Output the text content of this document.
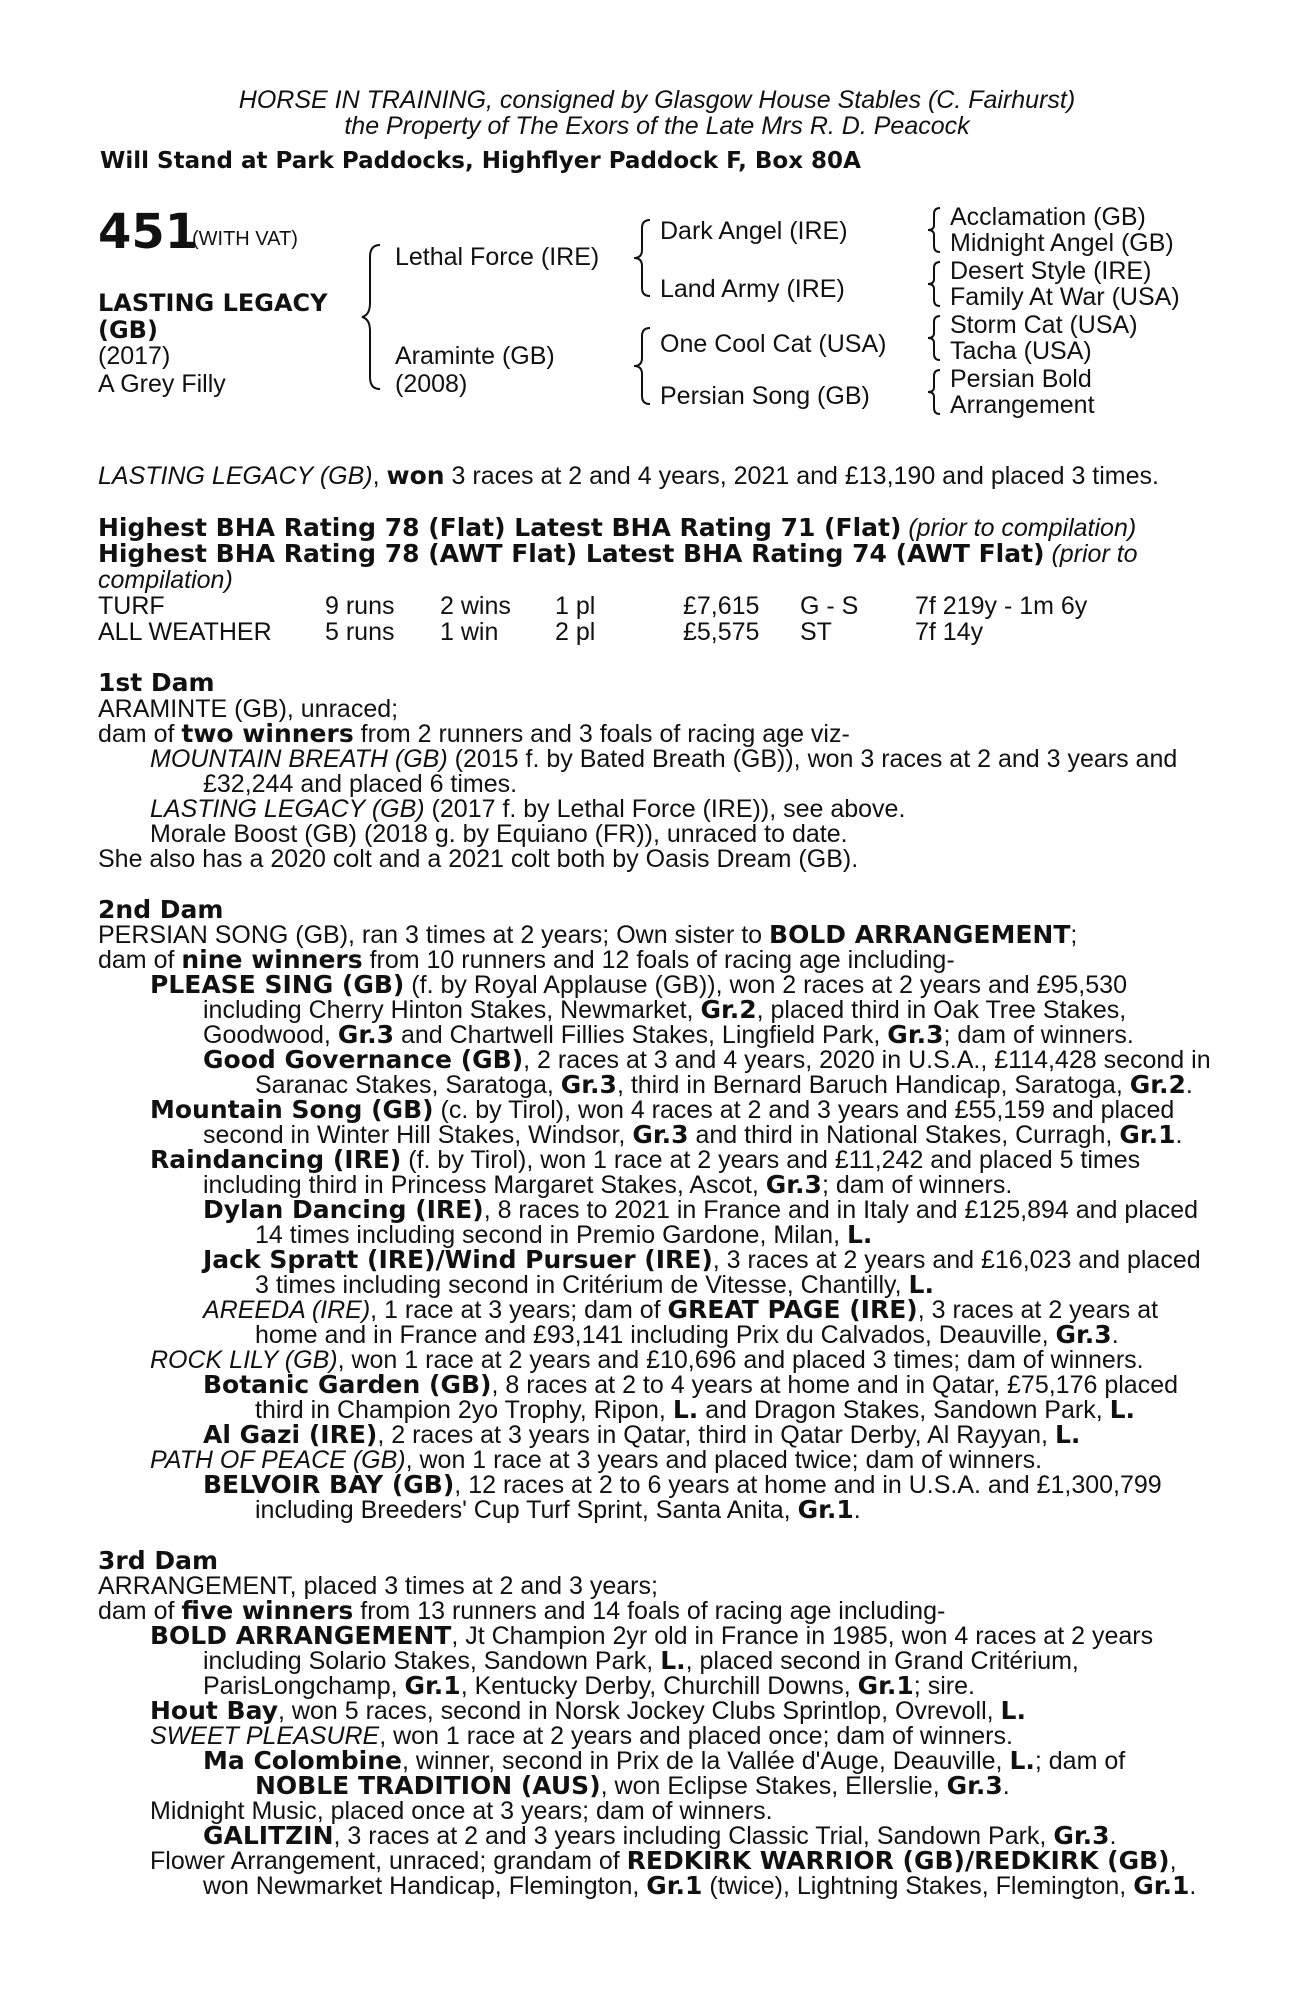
HORSE IN TRAINING, consigned by Glasgow House Stables (C. Fairhurst)
the Property of The Exors of the Late Mrs R. D. Peacock
Will Stand at Park Paddocks, Highflyer Paddock F, Box 80A
451
(WITH VAT)
LASTING LEGACY
(GB)
(2017)
A Grey Filly
Lethal Force (IRE)
Araminte (GB)
(2008)
Dark Angel (IRE)
Land Army (IRE)
One Cool Cat (USA)
Persian Song (GB)
Acclamation (GB)
Midnight Angel (GB)
Desert Style (IRE)
Family At War (USA)
Storm Cat (USA)
Tacha (USA)
Persian Bold
Arrangement
LASTING LEGACY (GB), won 3 races at 2 and 4 years, 2021 and £13,190 and placed 3 times.
Highest BHA Rating 78 (Flat) Latest BHA Rating 71 (Flat) (prior to compilation)
Highest BHA Rating 78 (AWT Flat) Latest BHA Rating 74 (AWT Flat) (prior to
compilation)
TURF	9 runs 2 wins 1 pl	£7,615 G - S 7f 219y - 1m 6y
ALL WEATHER 5 runs 1 win 2 pl	£5,575 ST	7f 14y
1st Dam
ARAMINTE (GB), unraced;
dam of two winners from 2 runners and 3 foals of racing age viz-
MOUNTAIN BREATH (GB) (2015 f. by Bated Breath (GB)), won 3 races at 2 and 3 years and
£32,244 and placed 6 times.
LASTING LEGACY (GB) (2017 f. by Lethal Force (IRE)), see above.
Morale Boost (GB) (2018 g. by Equiano (FR)), unraced to date.
She also has a 2020 colt and a 2021 colt both by Oasis Dream (GB).
2nd Dam
PERSIAN SONG (GB), ran 3 times at 2 years; Own sister to BOLD ARRANGEMENT;
dam of nine winners from 10 runners and 12 foals of racing age including-
PLEASE SING (GB) (f. by Royal Applause (GB)), won 2 races at 2 years and £95,530
including Cherry Hinton Stakes, Newmarket, Gr.2, placed third in Oak Tree Stakes,
Goodwood, Gr.3 and Chartwell Fillies Stakes, Lingfield Park, Gr.3; dam of winners.
Good Governance (GB), 2 races at 3 and 4 years, 2020 in U.S.A., £114,428 second in
Saranac Stakes, Saratoga, Gr.3, third in Bernard Baruch Handicap, Saratoga, Gr.2.
Mountain Song (GB) (c. by Tirol), won 4 races at 2 and 3 years and £55,159 and placed
second in Winter Hill Stakes, Windsor, Gr.3 and third in National Stakes, Curragh, Gr.1.
Raindancing (IRE) (f. by Tirol), won 1 race at 2 years and £11,242 and placed 5 times
including third in Princess Margaret Stakes, Ascot, Gr.3; dam of winners.
Dylan Dancing (IRE), 8 races to 2021 in France and in Italy and £125,894 and placed
14 times including second in Premio Gardone, Milan, L.
Jack Spratt (IRE)/Wind Pursuer (IRE), 3 races at 2 years and £16,023 and placed
3 times including second in Critérium de Vitesse, Chantilly, L.
AREEDA (IRE), 1 race at 3 years; dam of GREAT PAGE (IRE), 3 races at 2 years at
home and in France and £93,141 including Prix du Calvados, Deauville, Gr.3.
ROCK LILY (GB), won 1 race at 2 years and £10,696 and placed 3 times; dam of winners.
Botanic Garden (GB), 8 races at 2 to 4 years at home and in Qatar, £75,176 placed
third in Champion 2yo Trophy, Ripon, L. and Dragon Stakes, Sandown Park, L.
Al Gazi (IRE), 2 races at 3 years in Qatar, third in Qatar Derby, Al Rayyan, L.
PATH OF PEACE (GB), won 1 race at 3 years and placed twice; dam of winners.
BELVOIR BAY (GB), 12 races at 2 to 6 years at home and in U.S.A. and £1,300,799
including Breeders' Cup Turf Sprint, Santa Anita, Gr.1.
3rd Dam
ARRANGEMENT, placed 3 times at 2 and 3 years;
dam of five winners from 13 runners and 14 foals of racing age including-
BOLD ARRANGEMENT, Jt Champion 2yr old in France in 1985, won 4 races at 2 years
including Solario Stakes, Sandown Park, L., placed second in Grand Critérium,
ParisLongchamp, Gr.1, Kentucky Derby, Churchill Downs, Gr.1; sire.
Hout Bay, won 5 races, second in Norsk Jockey Clubs Sprintlop, Ovrevoll, L.
SWEET PLEASURE, won 1 race at 2 years and placed once; dam of winners.
Ma Colombine, winner, second in Prix de la Vallée d'Auge, Deauville, L.; dam of
NOBLE TRADITION (AUS), won Eclipse Stakes, Ellerslie, Gr.3.
Midnight Music, placed once at 3 years; dam of winners.
GALITZIN, 3 races at 2 and 3 years including Classic Trial, Sandown Park, Gr.3.
Flower Arrangement, unraced; grandam of REDKIRK WARRIOR (GB)/REDKIRK (GB),
won Newmarket Handicap, Flemington, Gr.1 (twice), Lightning Stakes, Flemington, Gr.1.
